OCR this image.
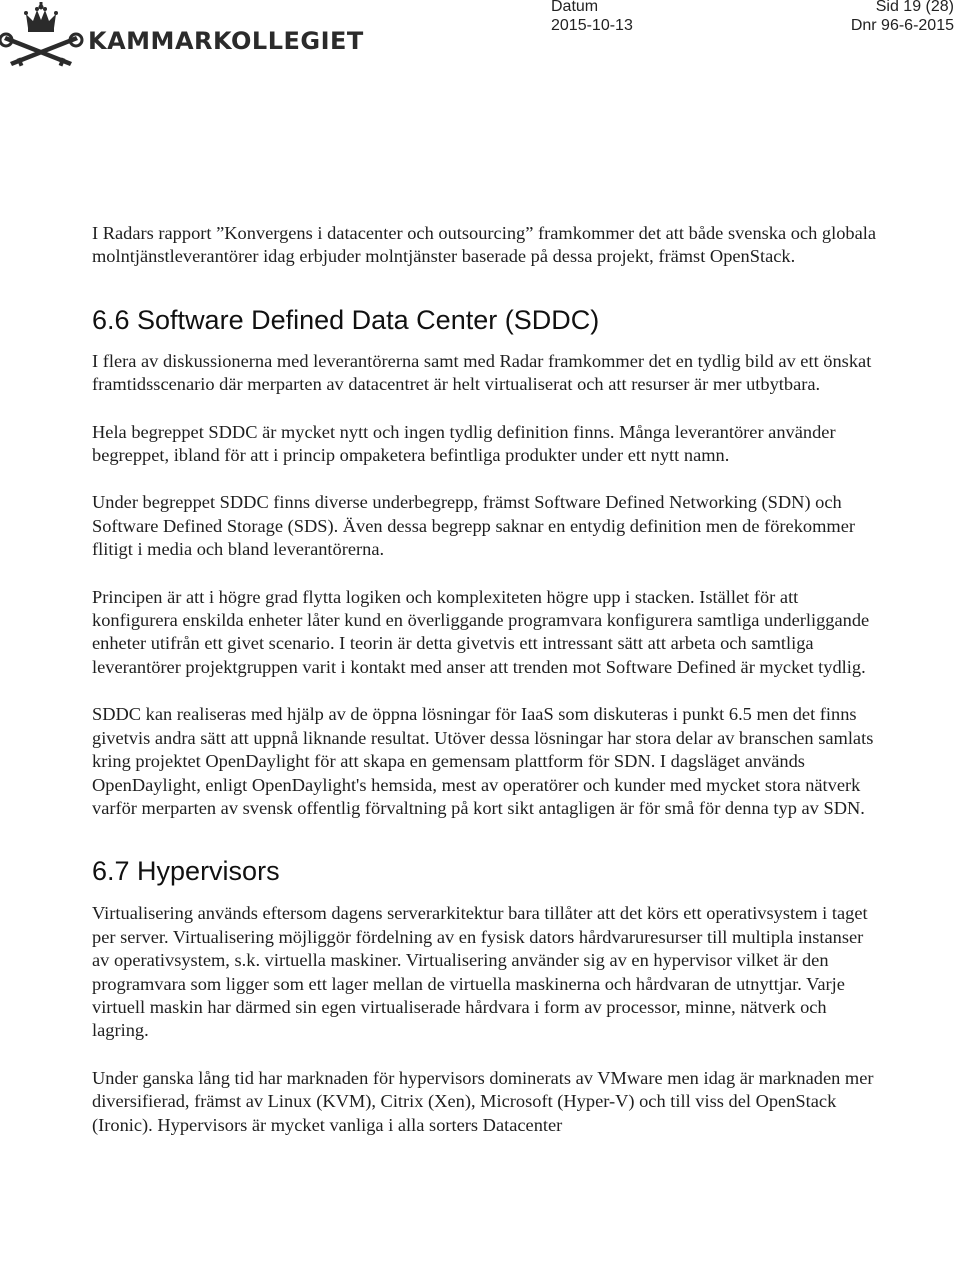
KAMMARKOLLEGIET
Datum
2015-10-13
Sid 19 (28)
Dnr 96-6-2015

I Radars rapport ”Konvergens i datacenter och outsourcing” framkommer det att både svenska och globala molntjänstleverantörer idag erbjuder molntjänster baserade på dessa projekt, främst OpenStack.

6.6 Software Defined Data Center (SDDC)

I flera av diskussionerna med leverantörerna samt med Radar framkommer det en tydlig bild av ett önskat framtidsscenario där merparten av datacentret är helt virtualiserat och att resurser är mer utbytbara.

Hela begreppet SDDC är mycket nytt och ingen tydlig definition finns. Många leverantörer använder begreppet, ibland för att i princip ompaketera befintliga produkter under ett nytt namn.

Under begreppet SDDC finns diverse underbegrepp, främst Software Defined Networking (SDN) och Software Defined Storage (SDS). Även dessa begrepp saknar en entydig definition men de förekommer flitigt i media och bland leverantörerna.

Principen är att i högre grad flytta logiken och komplexiteten högre upp i stacken. Istället för att konfigurera enskilda enheter låter kund en överliggande programvara konfigurera samtliga underliggande enheter utifrån ett givet scenario. I teorin är detta givetvis ett intressant sätt att arbeta och samtliga leverantörer projektgruppen varit i kontakt med anser att trenden mot Software Defined är mycket tydlig.

SDDC kan realiseras med hjälp av de öppna lösningar för IaaS som diskuteras i punkt 6.5 men det finns givetvis andra sätt att uppnå liknande resultat. Utöver dessa lösningar har stora delar av branschen samlats kring projektet OpenDaylight för att skapa en gemensam plattform för SDN. I dagsläget används OpenDaylight, enligt OpenDaylight's hemsida, mest av operatörer och kunder med mycket stora nätverk varför merparten av svensk offentlig förvaltning på kort sikt antagligen är för små för denna typ av SDN.

6.7 Hypervisors

Virtualisering används eftersom dagens serverarkitektur bara tillåter att det körs ett operativsystem i taget per server. Virtualisering möjliggör fördelning av en fysisk dators hårdvaruresurser till multipla instanser av operativsystem, s.k. virtuella maskiner. Virtualisering använder sig av en hypervisor vilket är den programvara som ligger som ett lager mellan de virtuella maskinerna och hårdvaran de utnyttjar. Varje virtuell maskin har därmed sin egen virtualiserade hårdvara i form av processor, minne, nätverk och lagring.

Under ganska lång tid har marknaden för hypervisors dominerats av VMware men idag är marknaden mer diversifierad, främst av Linux (KVM), Citrix (Xen), Microsoft (Hyper-V) och till viss del OpenStack (Ironic). Hypervisors är mycket vanliga i alla sorters Datacenter
